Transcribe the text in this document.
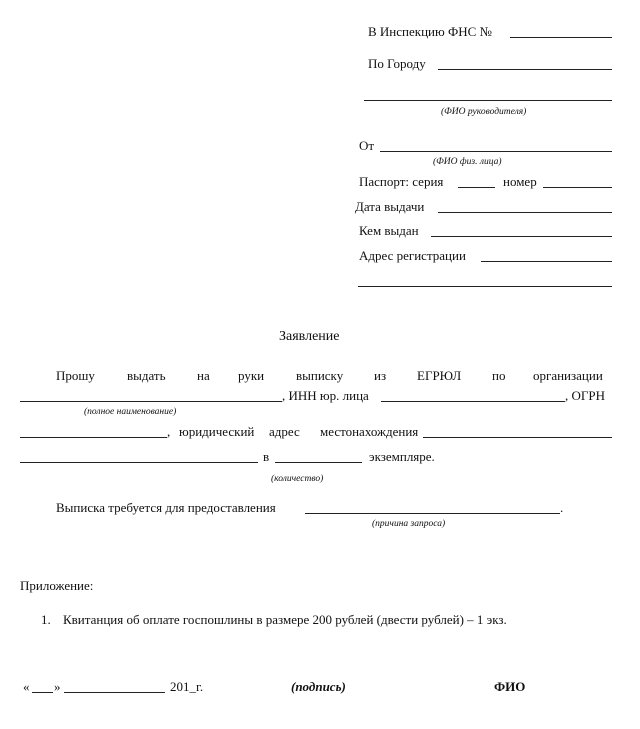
В Инспекцию ФНС №
По Городу
(ФИО руководителя)
От
(ФИО физ. лица)
Паспорт: серия	номер
Дата выдачи
Кем выдан
Адрес регистрации
Заявление
Прошу выдать на руки выписку из ЕГРЮЛ по организации
, ИНН юр. лица	, ОГРН
(полное наименование)
, юридический адрес местонахождения
в	экземпляре.
(количество)
Выписка требуется для предоставления	.
(причина запроса)
Приложение:
1. Квитанция об оплате госпошлины в размере 200 рублей (двести рублей) – 1 экз.
« »	201_г.	(подпись)	ФИО
